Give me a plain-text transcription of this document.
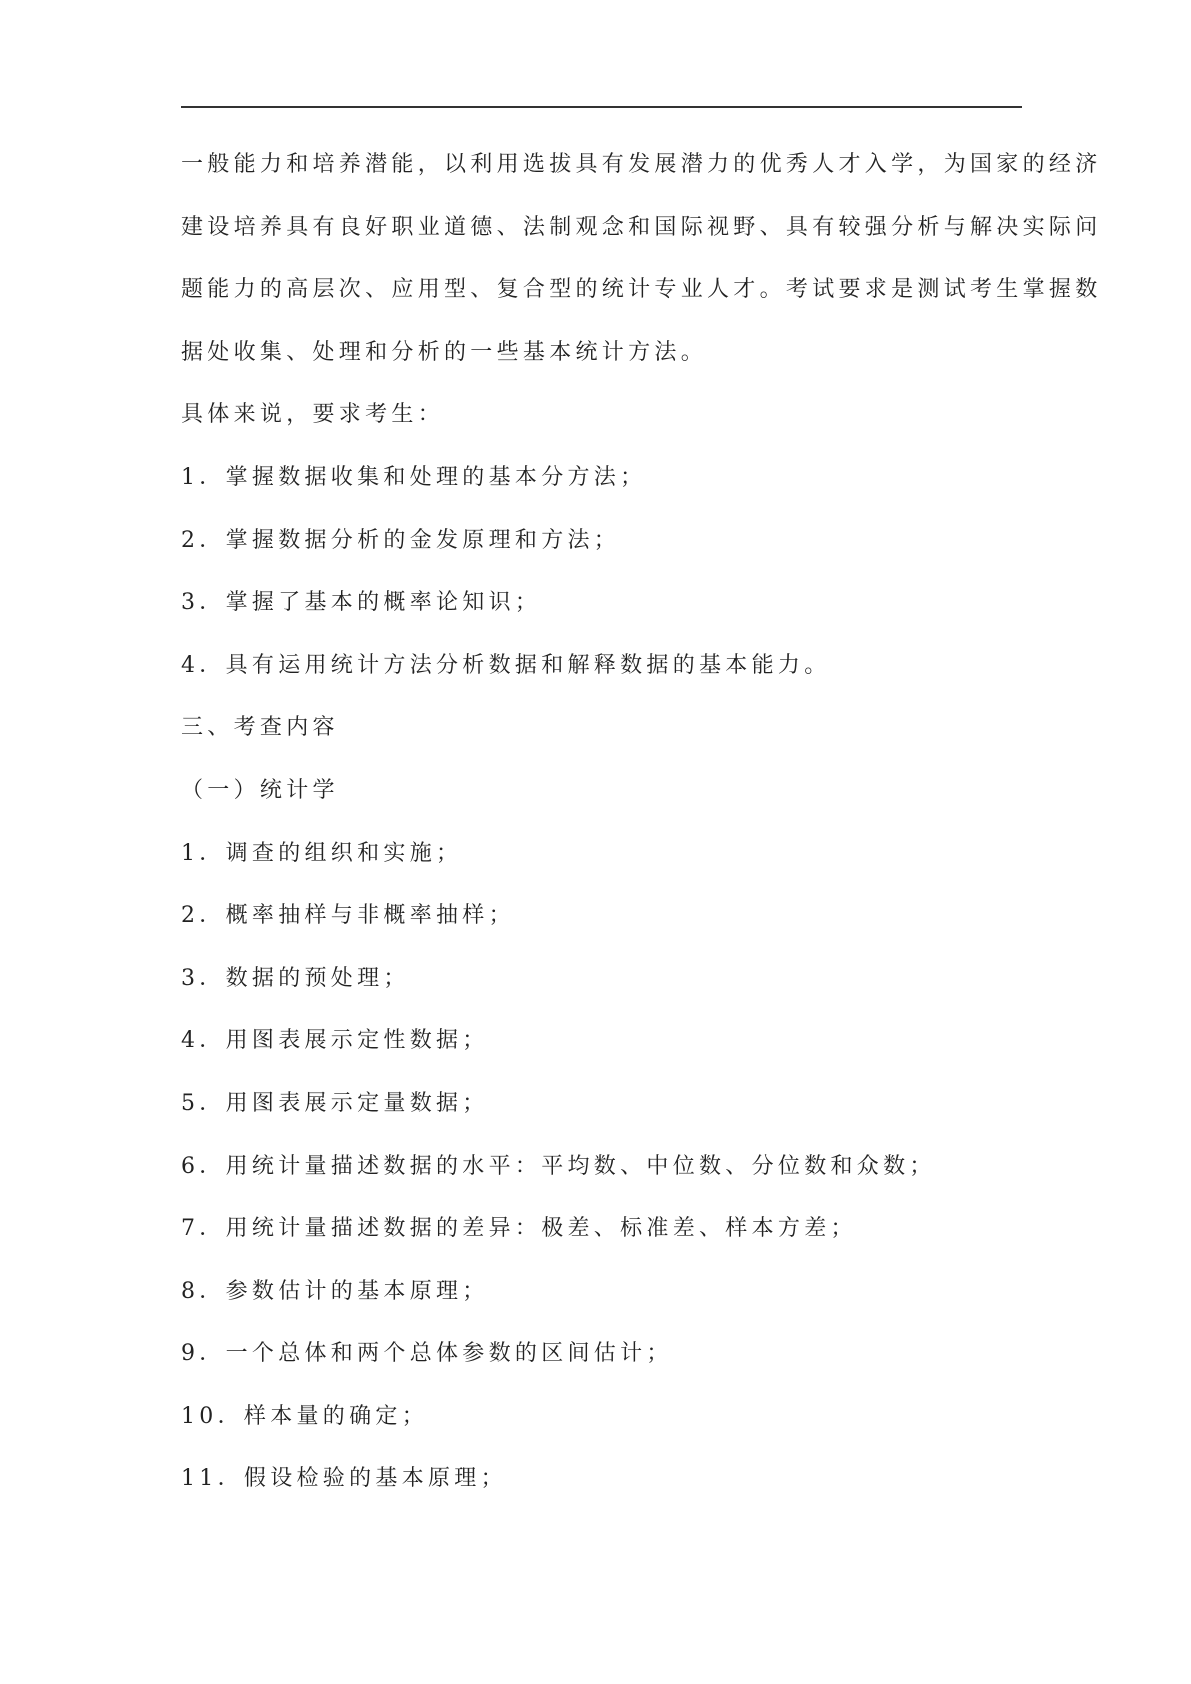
一般能力和培养潜能，以利用选拔具有发展潜力的优秀人才入学，为国家的经济
建设培养具有良好职业道德、法制观念和国际视野、具有较强分析与解决实际问
题能力的高层次、应用型、复合型的统计专业人才。考试要求是测试考生掌握数
据处收集、处理和分析的一些基本统计方法。
具体来说，要求考生：
1．掌握数据收集和处理的基本分方法；
2．掌握数据分析的金发原理和方法；
3．掌握了基本的概率论知识；
4．具有运用统计方法分析数据和解释数据的基本能力。
三、考查内容
（一）统计学
1．调查的组织和实施；
2．概率抽样与非概率抽样；
3．数据的预处理；
4．用图表展示定性数据；
5．用图表展示定量数据；
6．用统计量描述数据的水平：平均数、中位数、分位数和众数；
7．用统计量描述数据的差异：极差、标准差、样本方差；
8．参数估计的基本原理；
9．一个总体和两个总体参数的区间估计；
10．样本量的确定；
11．假设检验的基本原理；
